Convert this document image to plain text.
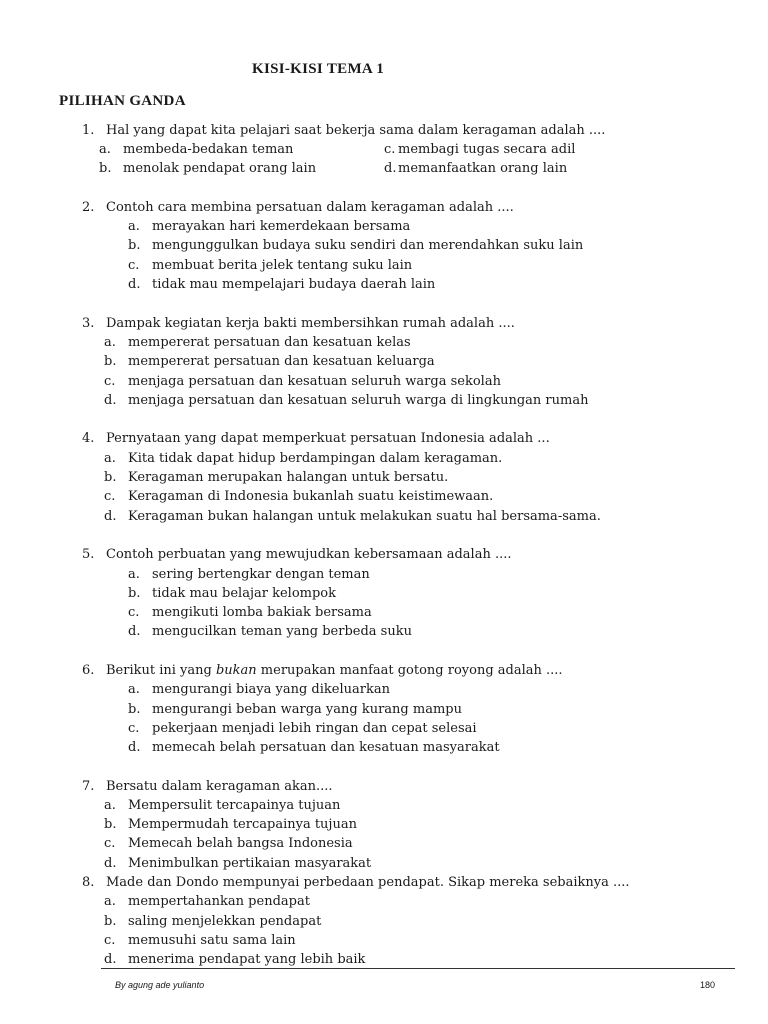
KISI-KISI TEMA 1
PILIHAN GANDA
1. Hal yang dapat kita pelajari saat bekerja sama dalam keragaman adalah ....
a. membeda-bedakan teman	c. membagi tugas secara adil
b. menolak pendapat orang lain	d. memanfaatkan orang lain
2. Contoh cara membina persatuan dalam keragaman adalah ....
a. merayakan hari kemerdekaan bersama
b. mengunggulkan budaya suku sendiri dan merendahkan suku lain
c. membuat berita jelek tentang suku lain
d. tidak mau mempelajari budaya daerah lain
3. Dampak kegiatan kerja bakti membersihkan rumah adalah ....
a. mempererat persatuan dan kesatuan kelas
b. mempererat persatuan dan kesatuan keluarga
c. menjaga persatuan dan kesatuan seluruh warga sekolah
d. menjaga persatuan dan kesatuan seluruh warga di lingkungan rumah
4. Pernyataan yang dapat memperkuat persatuan Indonesia adalah ...
a. Kita tidak dapat hidup berdampingan dalam keragaman.
b. Keragaman merupakan halangan untuk bersatu.
c. Keragaman di Indonesia bukanlah suatu keistimewaan.
d. Keragaman bukan halangan untuk melakukan suatu hal bersama-sama.
5. Contoh perbuatan yang mewujudkan kebersamaan adalah ....
a. sering bertengkar dengan teman
b. tidak mau belajar kelompok
c. mengikuti lomba bakiak bersama
d. mengucilkan teman yang berbeda suku
6. Berikut ini yang bukan merupakan manfaat gotong royong adalah ....
a. mengurangi biaya yang dikeluarkan
b. mengurangi beban warga yang kurang mampu
c. pekerjaan menjadi lebih ringan dan cepat selesai
d. memecah belah persatuan dan kesatuan masyarakat
7. Bersatu dalam keragaman akan....
a. Mempersulit tercapainya tujuan
b. Mempermudah tercapainya tujuan
c. Memecah belah bangsa Indonesia
d. Menimbulkan pertikaian masyarakat
8. Made dan Dondo mempunyai perbedaan pendapat. Sikap mereka sebaiknya ....
a. mempertahankan pendapat
b. saling menjelekkan pendapat
c. memusuhi satu sama lain
d. menerima pendapat yang lebih baik
By agung ade yulianto	180
